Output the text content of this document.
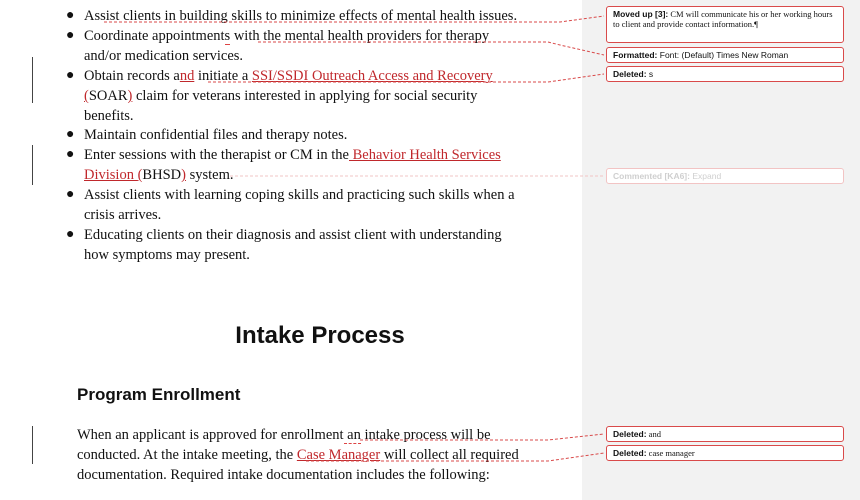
● Assist clients in building skills to minimize effects of mental health issues.
● Coordinate appointments with the mental health providers for therapy
and/or medication services.
● Obtain records and initiate a SSI/SSDI Outreach Access and Recovery
(SOAR) claim for veterans interested in applying for social security
benefits.
● Maintain confidential files and therapy notes.
● Enter sessions with the therapist or CM in the Behavior Health Services
Division (BHSD) system.
● Assist clients with learning coping skills and practicing such skills when a
crisis arrives.
● Educating clients on their diagnosis and assist client with understanding
how symptoms may present.
Intake Process
Program Enrollment
When an applicant is approved for enrollment an intake process will be
conducted. At the intake meeting, the Case Manager will collect all required
documentation. Required intake documentation includes the following:
Moved up [3]: CM will communicate his or her working hours to client and provide contact information.¶
Formatted: Font: (Default) Times New Roman
Deleted: s
Commented [KA6]: Expand
Deleted: and
Deleted: case manager
